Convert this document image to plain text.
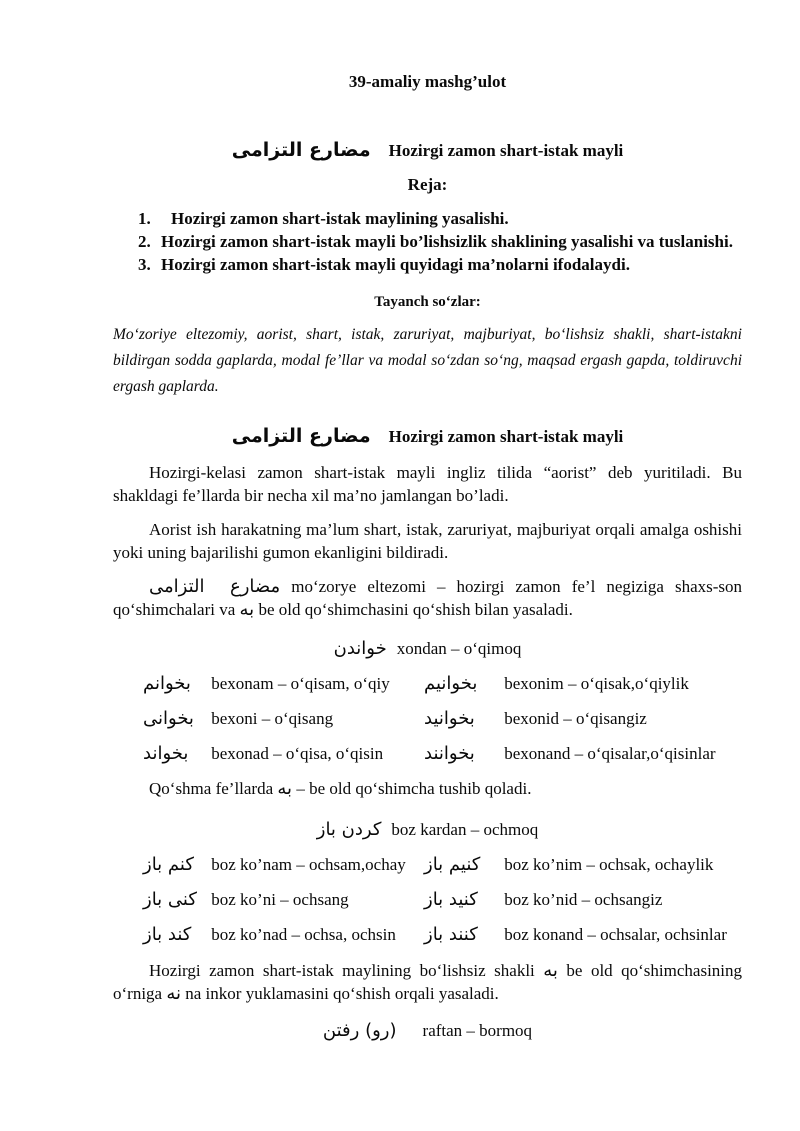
39-amaliy mashg’ulot
مضارع التزامى Hozirgi zamon shart-istak mayli
Reja:
1.	Hozirgi zamon shart-istak maylining yasalishi.
2. Hozirgi zamon shart-istak mayli bo’lishsizlik shaklining yasalishi va tuslanishi.
3. Hozirgi zamon shart-istak mayli quyidagi ma’nolarni ifodalaydi.
Tayanch soʻzlar:
Moʻzoriye eltezomiy, aorist, shart, istak, zaruriyat, majburiyat, boʻlishsiz shakli, shart-istakni bildirgan sodda gaplarda, modal fe’llar va modal soʻzdan soʻng, maqsad ergash gapda, toldiruvchi ergash gaplarda.
مضارع التزامى Hozirgi zamon shart-istak mayli
Hozirgi-kelasi zamon shart-istak mayli ingliz tilida “aorist” deb yuritiladi. Bu shakldagi fe’llarda bir necha xil ma’no jamlangan bo’ladi.
Aorist ish harakatning ma’lum shart, istak, zaruriyat, majburiyat orqali amalga oshishi yoki uning bajarilishi gumon ekanligini bildiradi.
مضارع التزامى moʻzorye eltezomi – hozirgi zamon fe’l negiziga shaxs-son qoʻshimchalari va به be old qoʻshimchasini qoʻshish bilan yasaladi.
خواندن xondan – oʻqimoq
بخوانم bexonam – oʻqisam, oʻqiy	بخوانيم bexonim – oʻqisak,oʻqiylik
بخوانى bexoni – oʻqisang	بخوانيد bexonid – oʻqisangiz
بخواند bexonad – oʻqisa, oʻqisin	بخوانند bexonand – oʻqisalar,oʻqisinlar
Qoʻshma fe’llarda به – be old qoʻshimcha tushib qoladi.
باز كردن boz kardan – ochmoq
باز كنم boz ko’nam – ochsam,ochay	باز كنيم boz ko’nim – ochsak, ochaylik
باز كنى boz ko’ni – ochsang	باز كنيد boz ko’nid – ochsangiz
باز كند boz ko’nad – ochsa, ochsin	باز كنند boz konand – ochsalar, ochsinlar
Hozirgi zamon shart-istak maylining boʻlishsiz shakli به be old qoʻshimchasining oʻrniga نه na inkor yuklamasini qoʻshish orqali yasaladi.
رفتن (رو) raftan – bormoq
